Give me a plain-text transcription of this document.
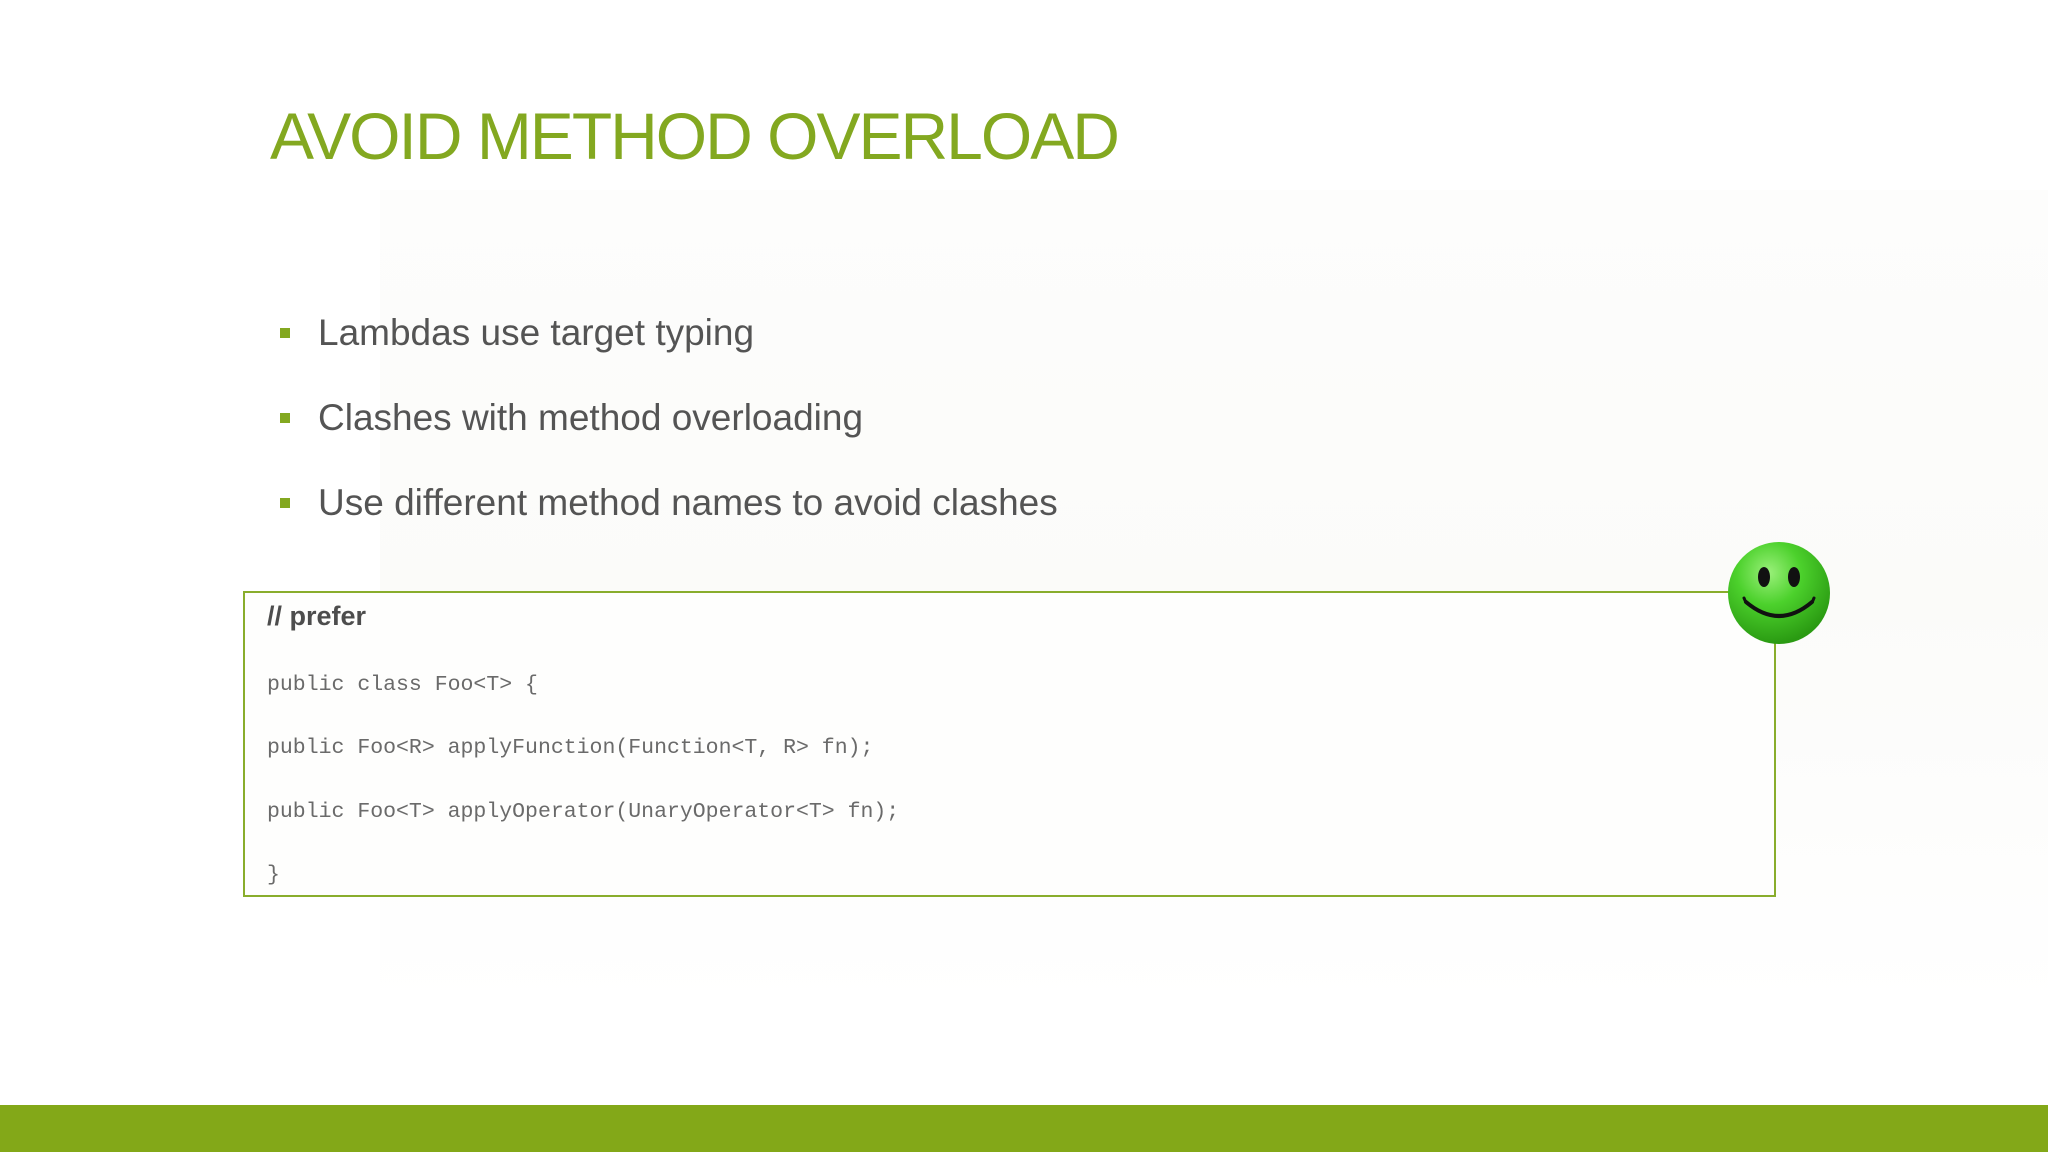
AVOID METHOD OVERLOAD
Lambdas use target typing
Clashes with method overloading
Use different method names to avoid clashes
// prefer
public class Foo<T> {
public Foo<R> applyFunction(Function<T, R> fn);
public Foo<T> applyOperator(UnaryOperator<T> fn);
}
